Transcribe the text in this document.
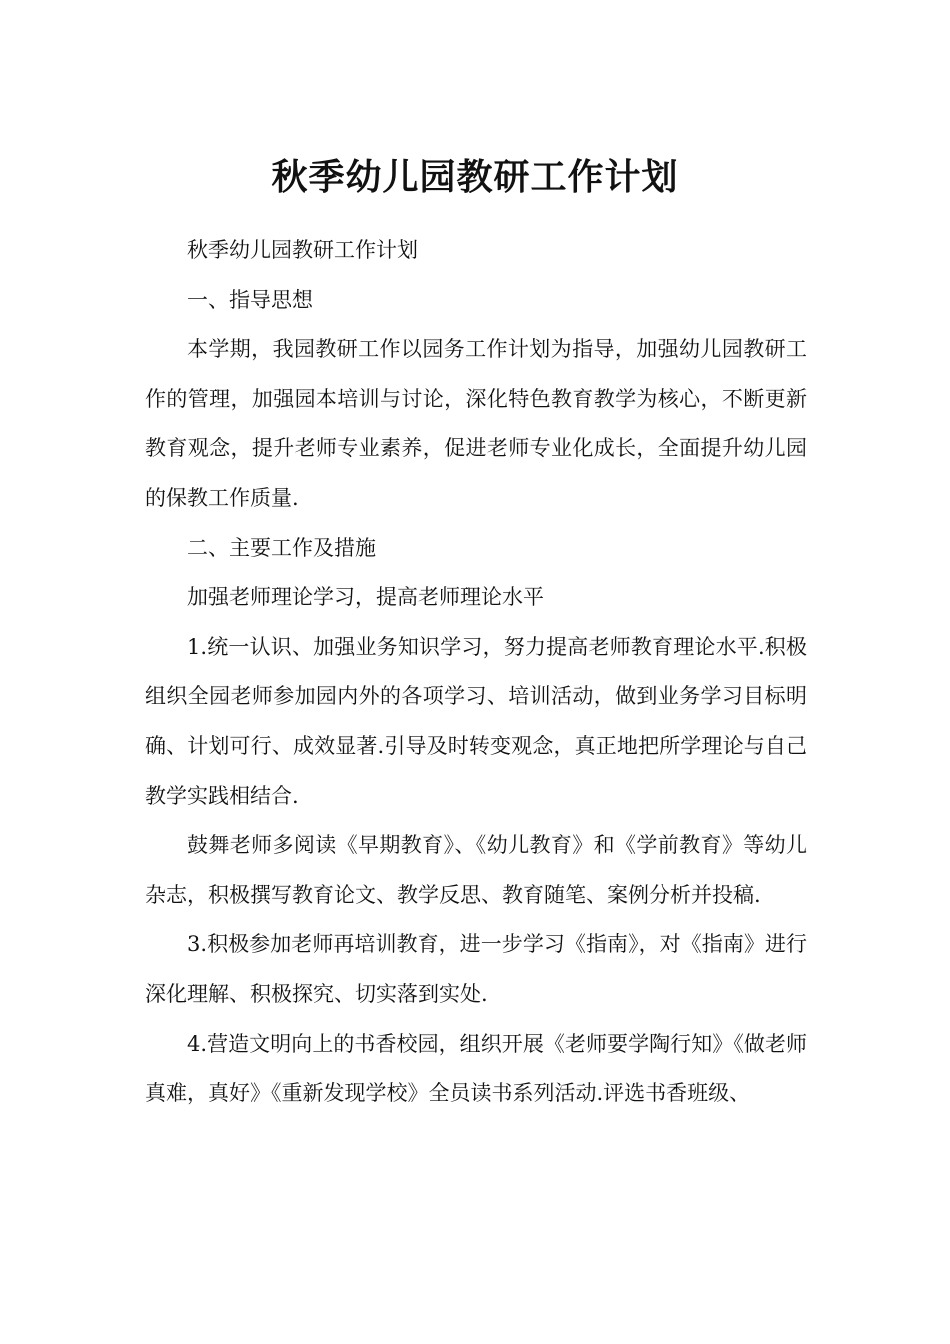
秋季幼儿园教研工作计划

秋季幼儿园教研工作计划

一、指导思想

本学期，我园教研工作以园务工作计划为指导，加强幼儿园教研工作的管理，加强园本培训与讨论，深化特色教育教学为核心，不断更新教育观念，提升老师专业素养，促进老师专业化成长，全面提升幼儿园的保教工作质量.

二、主要工作及措施

加强老师理论学习，提高老师理论水平

1.统一认识、加强业务知识学习，努力提高老师教育理论水平.积极组织全园老师参加园内外的各项学习、培训活动，做到业务学习目标明确、计划可行、成效显著.引导及时转变观念，真正地把所学理论与自己教学实践相结合.

鼓舞老师多阅读《早期教育》、《幼儿教育》和《学前教育》等幼儿杂志，积极撰写教育论文、教学反思、教育随笔、案例分析并投稿.

3.积极参加老师再培训教育，进一步学习《指南》，对《指南》进行深化理解、积极探究、切实落到实处.

4.营造文明向上的书香校园，组织开展《老师要学陶行知》《做老师真难，真好》《重新发现学校》全员读书系列活动.评选书香班级、
